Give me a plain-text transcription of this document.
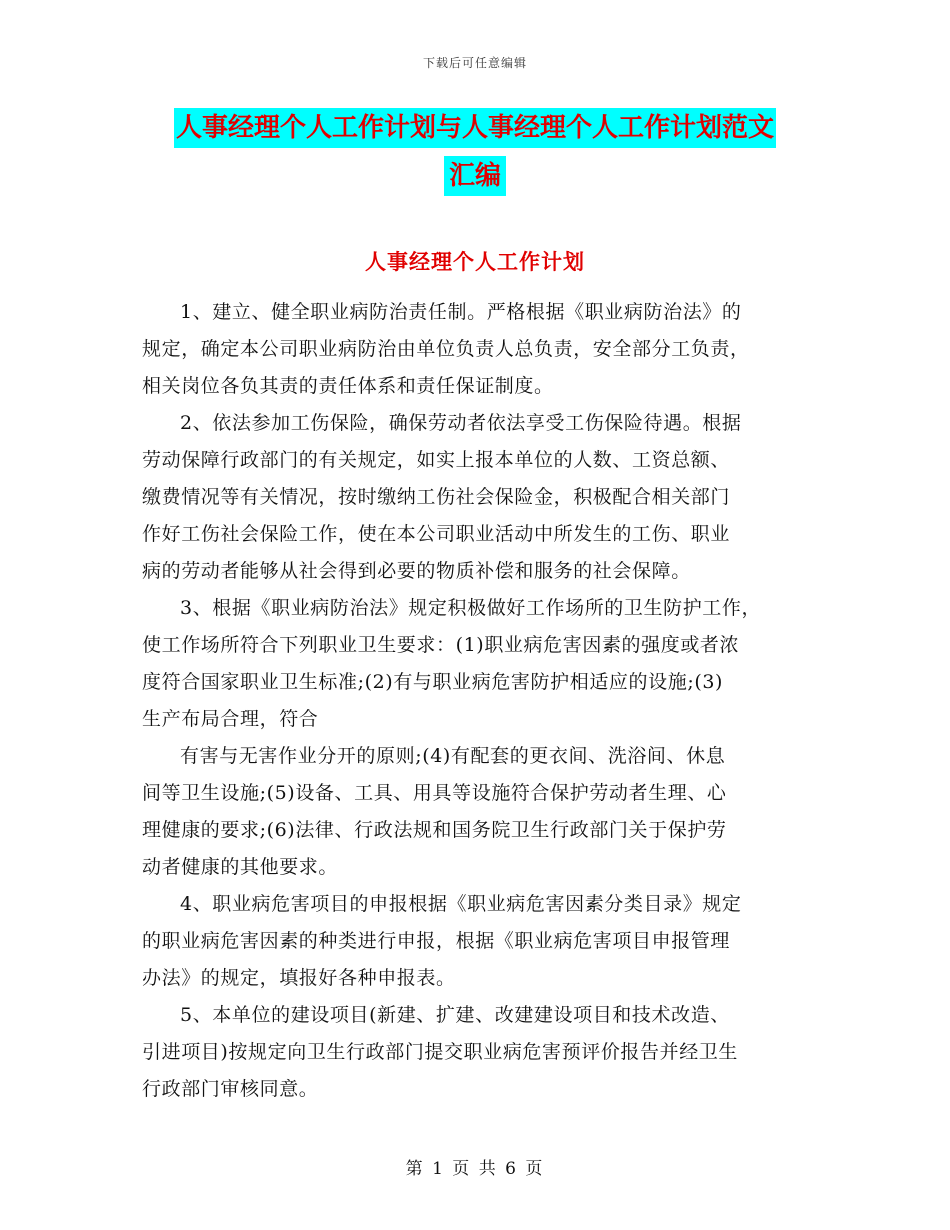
下载后可任意编辑
人事经理个人工作计划与人事经理个人工作计划范文
汇编
人事经理个人工作计划
1、建立、健全职业病防治责任制。严格根据《职业病防治法》的
规定，确定本公司职业病防治由单位负责人总负责，安全部分工负责，
相关岗位各负其责的责任体系和责任保证制度。
2、依法参加工伤保险，确保劳动者依法享受工伤保险待遇。根据
劳动保障行政部门的有关规定，如实上报本单位的人数、工资总额、
缴费情况等有关情况，按时缴纳工伤社会保险金，积极配合相关部门
作好工伤社会保险工作，使在本公司职业活动中所发生的工伤、职业
病的劳动者能够从社会得到必要的物质补偿和服务的社会保障。
3、根据《职业病防治法》规定积极做好工作场所的卫生防护工作，
使工作场所符合下列职业卫生要求：(1)职业病危害因素的强度或者浓
度符合国家职业卫生标准;(2)有与职业病危害防护相适应的设施;(3)
生产布局合理，符合
有害与无害作业分开的原则;(4)有配套的更衣间、洗浴间、休息
间等卫生设施;(5)设备、工具、用具等设施符合保护劳动者生理、心
理健康的要求;(6)法律、行政法规和国务院卫生行政部门关于保护劳
动者健康的其他要求。
4、职业病危害项目的申报根据《职业病危害因素分类目录》规定
的职业病危害因素的种类进行申报，根据《职业病危害项目申报管理
办法》的规定，填报好各种申报表。
5、本单位的建设项目(新建、扩建、改建建设项目和技术改造、
引进项目)按规定向卫生行政部门提交职业病危害预评价报告并经卫生
行政部门审核同意。
第 1 页 共 6 页
